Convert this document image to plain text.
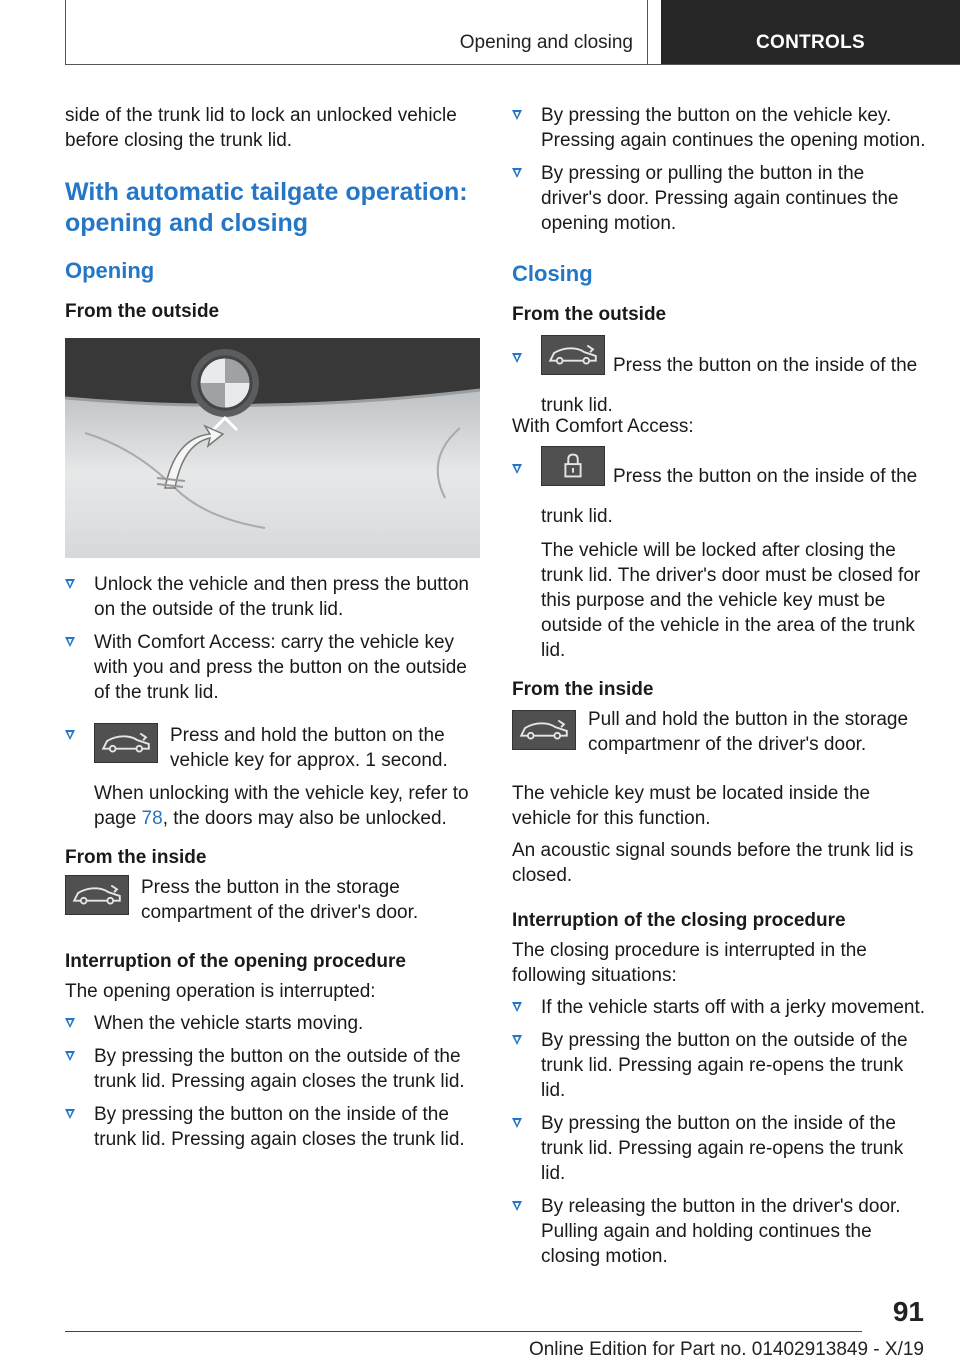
Opening and closing	CONTROLS

side of the trunk lid to lock an unlocked vehicle before closing the trunk lid.

With automatic tailgate operation: opening and closing
Opening
From the outside
Unlock the vehicle and then press the button on the outside of the trunk lid.
With Comfort Access: carry the vehicle key with you and press the button on the outside of the trunk lid.
Press and hold the button on the vehicle key for approx. 1 second.

When unlocking with the vehicle key, refer to page 78, the doors may also be unlocked.

From the inside
Press the button in the storage compartment of the driver's door.
Interruption of the opening procedure

The opening operation is interrupted:

When the vehicle starts moving.
By pressing the button on the outside of the trunk lid. Pressing again closes the trunk lid.
By pressing the button on the inside of the trunk lid. Pressing again closes the trunk lid.
By pressing the button on the vehicle key. Pressing again continues the opening motion.
By pressing or pulling the button in the driver's door. Pressing again continues the opening motion.
Closing
From the outside
Press the button on the inside of the trunk lid.

With Comfort Access:

Press the button on the inside of the trunk lid.

The vehicle will be locked after closing the trunk lid. The driver's door must be closed for this purpose and the vehicle key must be outside of the vehicle in the area of the trunk lid.

From the inside
Pull and hold the button in the storage compartmenr of the driver's door.

The vehicle key must be located inside the vehicle for this function.

An acoustic signal sounds before the trunk lid is closed.

Interruption of the closing procedure

The closing procedure is interrupted in the following situations:

If the vehicle starts off with a jerky movement.
By pressing the button on the outside of the trunk lid. Pressing again re-opens the trunk lid.
By pressing the button on the inside of the trunk lid. Pressing again re-opens the trunk lid.
By releasing the button in the driver's door. Pulling again and holding continues the closing motion.
91
Online Edition for Part no. 01402913849 - X/19
